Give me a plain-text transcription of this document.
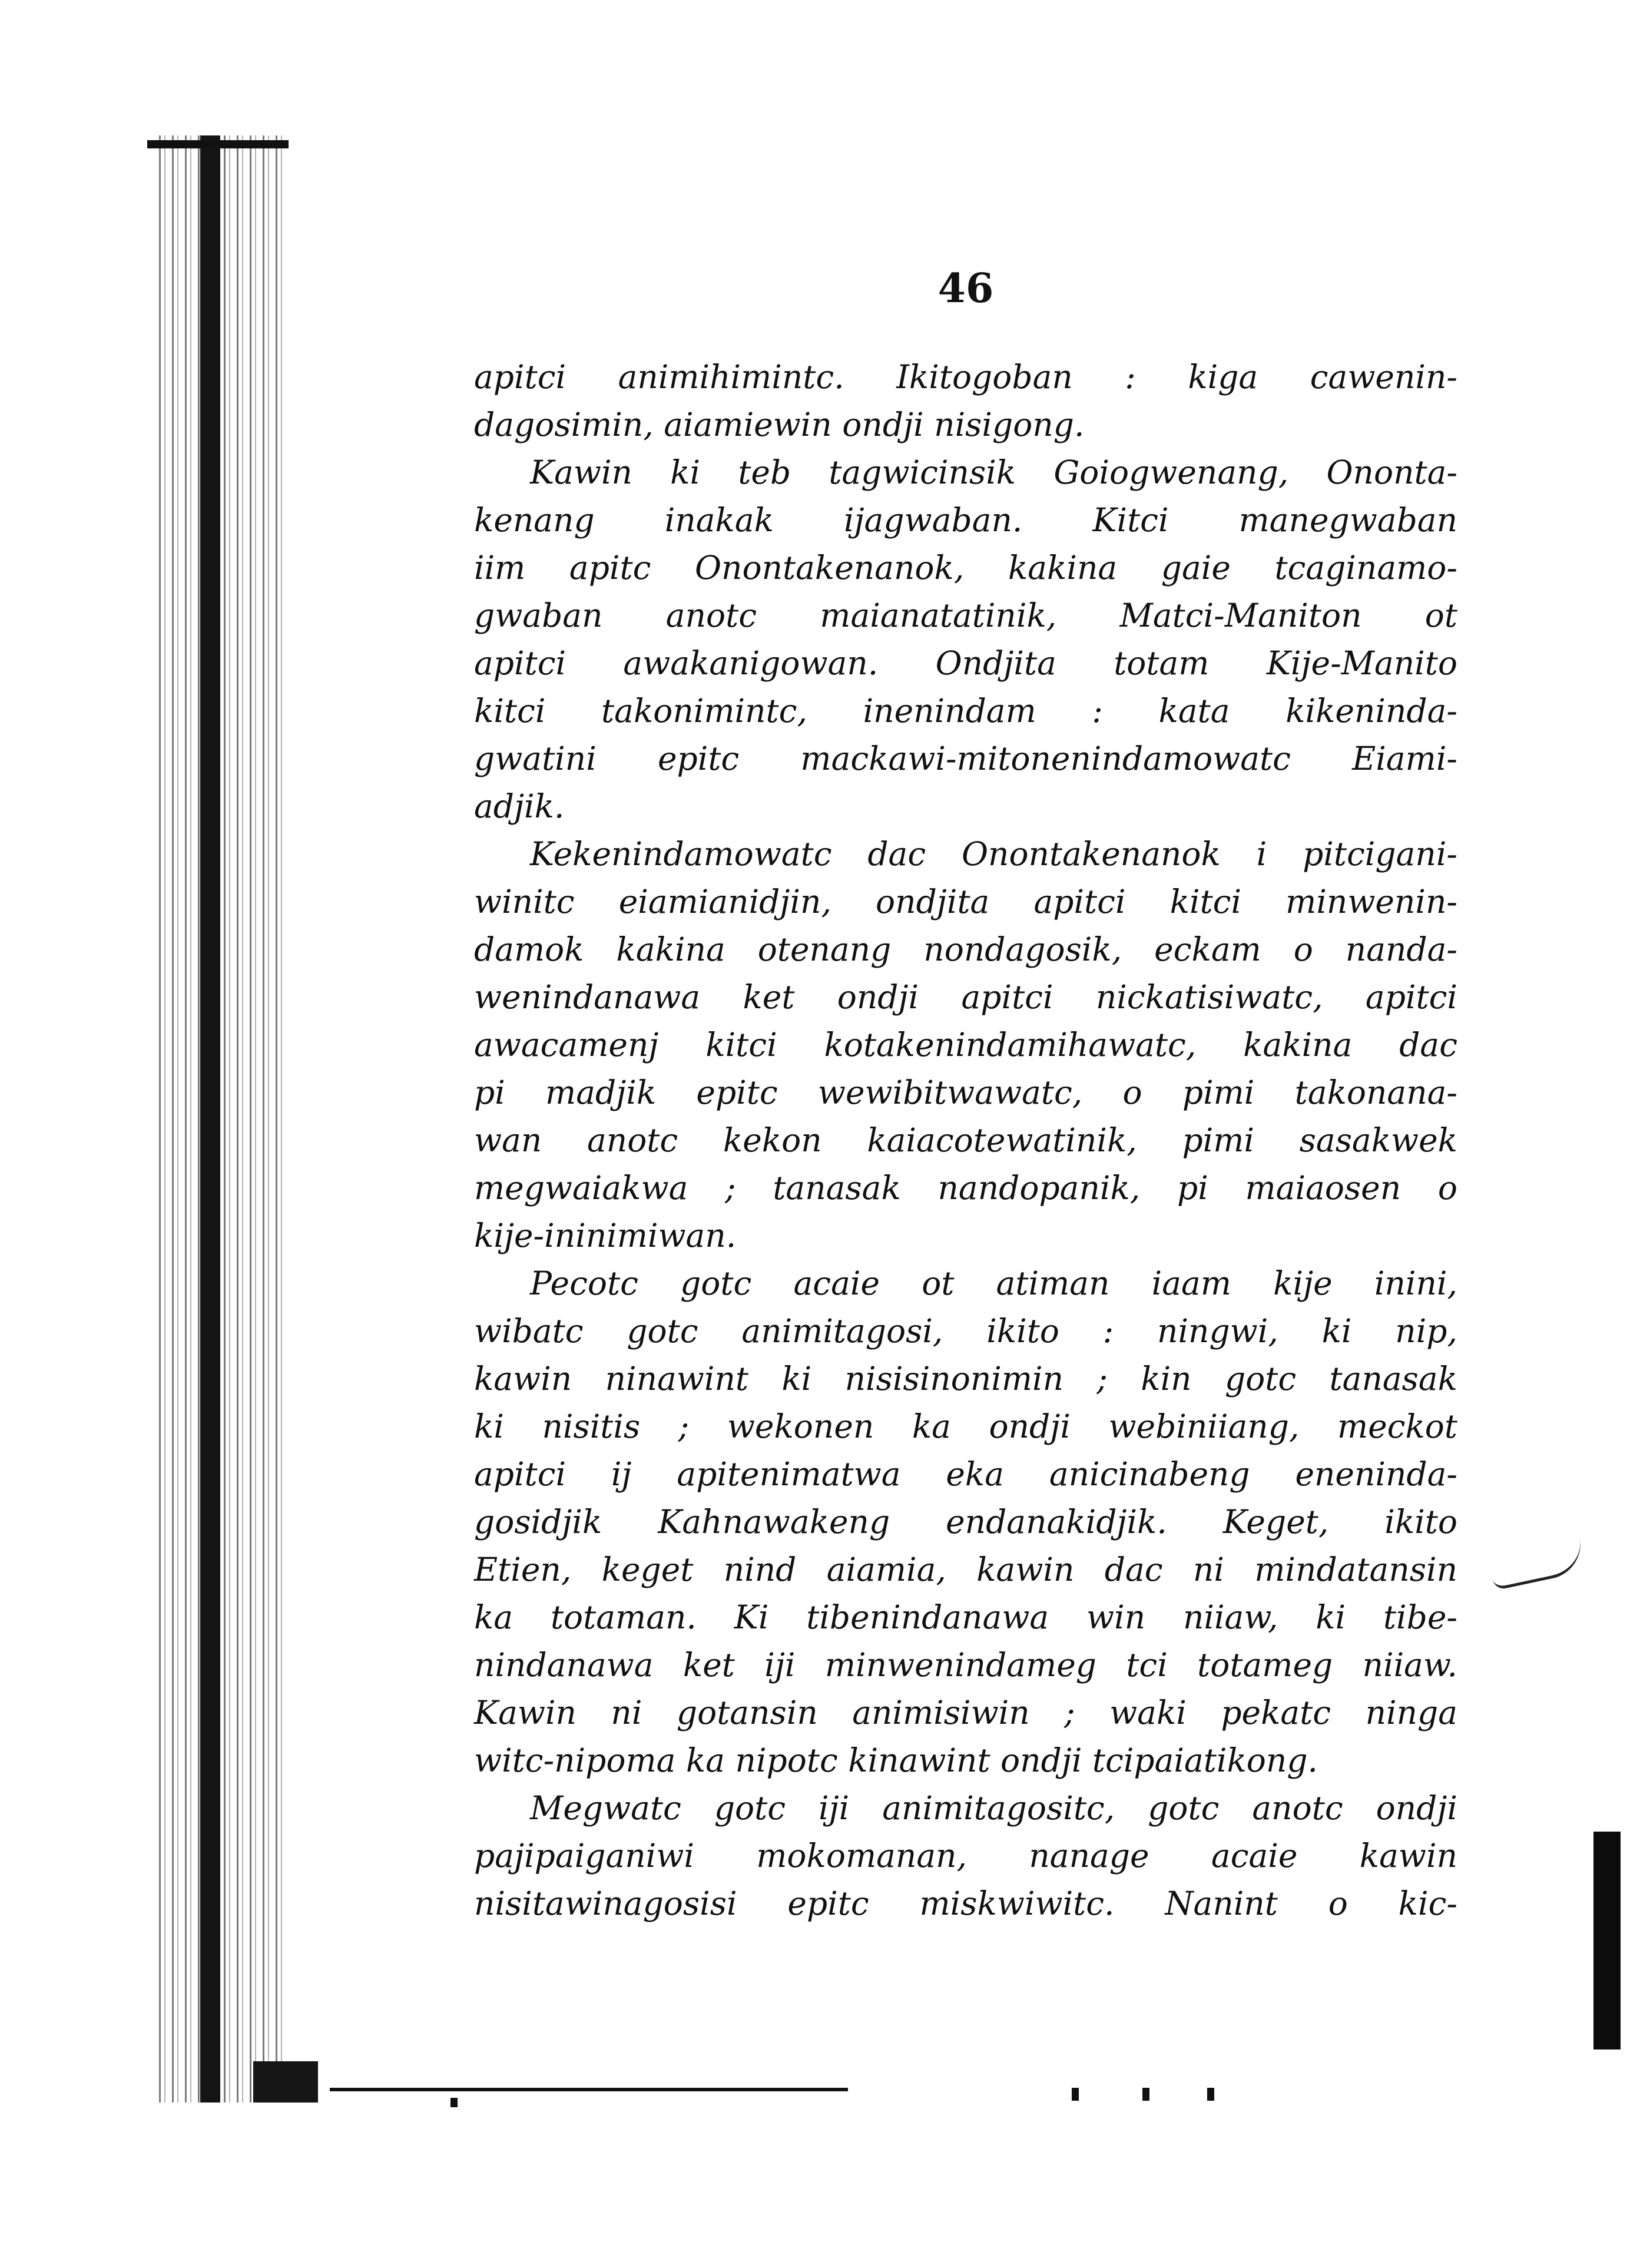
46
apitci animihimintc. Ikitogoban : kiga cawenin-
dagosimin, aiamiewin ondji nisigong.
Kawin ki teb tagwicinsik Goiogwenang, Ononta-
kenang inakak ijagwaban. Kitci manegwaban
iim apitc Onontakenanok, kakina gaie tcaginamo-
gwaban anotc maianatatinik, Matci-Maniton ot
apitci awakanigowan. Ondjita totam Kije-Manito
kitci takonimintc, inenindam : kata kikeninda-
gwatini epitc mackawi-mitonenindamowatc Eiami-
adjik.
Kekenindamowatc dac Onontakenanok i pitcigani-
winitc eiamianidjin, ondjita apitci kitci minwenin-
damok kakina otenang nondagosik, eckam o nanda-
wenindanawa ket ondji apitci nickatisiwatc, apitci
awacamenj kitci kotakenindamihawatc, kakina dac
pi madjik epitc wewibitwawatc, o pimi takonana-
wan anotc kekon kaiacotewatinik, pimi sasakwek
megwaiakwa ; tanasak nandopanik, pi maiaosen o
kije-ininimiwan.
Pecotc gotc acaie ot atiman iaam kije inini,
wibatc gotc animitagosi, ikito : ningwi, ki nip,
kawin ninawint ki nisisinonimin ; kin gotc tanasak
ki nisitis ; wekonen ka ondji webiniiang, meckot
apitci ij apitenimatwa eka anicinabeng eneninda-
gosidjik Kahnawakeng endanakidjik. Keget, ikito
Etien, keget nind aiamia, kawin dac ni mindatansin
ka totaman. Ki tibenindanawa win niiaw, ki tibe-
nindanawa ket iji minwenindameg tci totameg niiaw.
Kawin ni gotansin animisiwin ; waki pekatc ninga
witc-nipoma ka nipotc kinawint ondji tcipaiatikong.
Megwatc gotc iji animitagositc, gotc anotc ondji
pajipaiganiwi mokomanan, nanage acaie kawin
nisitawinagosisi epitc miskwiwitc. Nanint o kic-
